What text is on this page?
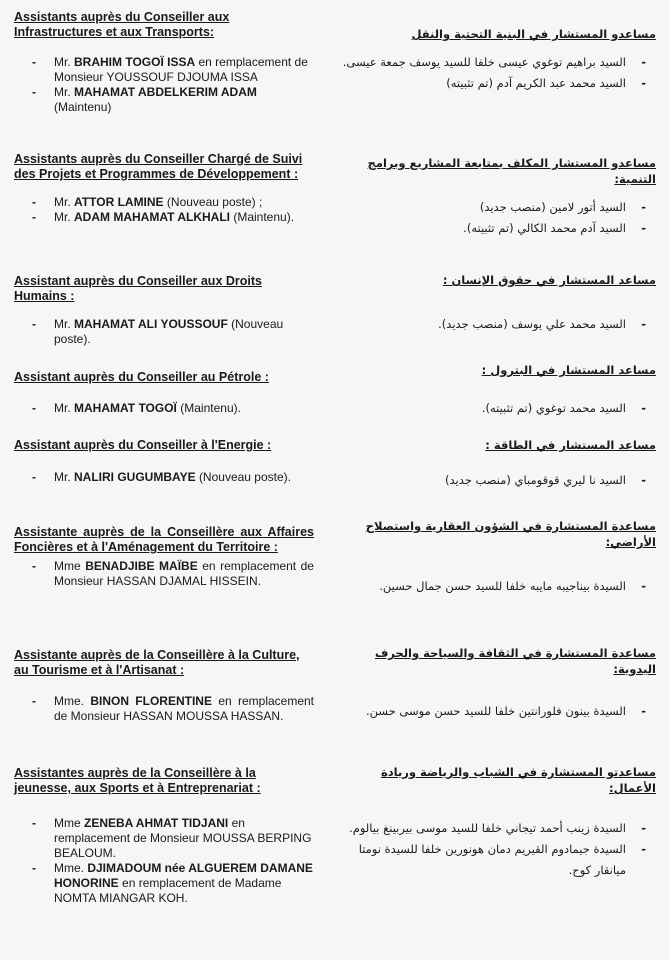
Assistants auprès du Conseiller aux Infrastructures et aux Transports:

- Mr. BRAHIM TOGOÏ ISSA en remplacement de Monsieur YOUSSOUF DJOUMA ISSA
- Mr. MAHAMAT ABDELKERIM ADAM (Maintenu)

مساعدو المستشار في البنية التحتية والنقل

- السيد براهيم توغوي عيسى خلفا للسيد يوسف جمعة عيسى.
- السيد محمد عبد الكريم آدم (تم تثبيته)

Assistants auprès du Conseiller Chargé de Suivi des Projets et Programmes de Développement :

- Mr. ATTOR LAMINE (Nouveau poste) ;
- Mr. ADAM MAHAMAT ALKHALI (Maintenu).

مساعدو المستشار المكلف بمتابعة المشاريع وبرامج التنمية:

- السيد أتور لامين (منصب جديد)
- السيد آدم محمد الكالي (تم تثبيته).

Assistant auprès du Conseiller aux Droits Humains :

- Mr. MAHAMAT ALI YOUSSOUF (Nouveau poste).

مساعد المستشار في حقوق الإنسان :

- السيد محمد علي يوسف (منصب جديد).

Assistant auprès du Conseiller au Pétrole :

- Mr. MAHAMAT TOGOÏ (Maintenu).

مساعد المستشار في البترول :

- السيد محمد توغوي (تم تثبيته).

Assistant auprès du Conseiller à l'Energie :

- Mr. NALIRI GUGUMBAYE (Nouveau poste).

مساعد المستشار في الطاقة :

- السيد نا ليري قوقومباي (منصب جديد)

Assistante auprès de la Conseillère aux Affaires Foncières et à l'Aménagement du Territoire :

- Mme BENADJIBE MAÏBE en remplacement de Monsieur HASSAN DJAMAL HISSEIN.

مساعدة المستشارة في الشؤون العقارية واستصلاح الأراضي:

- السيدة بيناجيبه مايبه خلفا للسيد حسن جمال حسين.

Assistante auprès de la Conseillère à la Culture, au Tourisme et à l'Artisanat :

- Mme. BINON FLORENTINE en remplacement de Monsieur HASSAN MOUSSA HASSAN.

مساعدة المستشارة في الثقافة والسياحة والحرف اليدوية:

- السيدة بينون فلورانتين خلفا للسيد حسن موسى حسن.

Assistantes auprès de la Conseillère à la jeunesse, aux Sports et à Entreprenariat :

- Mme ZENEBA AHMAT TIDJANI en remplacement de Monsieur MOUSSA BERPING BEALOUM.
- Mme. DJIMADOUM née ALGUEREM DAMANE HONORINE en remplacement de Madame NOMTA MIANGAR KOH.

مساعدتو المستشارة في الشباب والرياضة وريادة الأعمال:

- السيدة زينب أحمد تيجاني خلفا للسيد موسى بيربينغ بيالوم.
- السيدة جيمادوم القيريم دمان هونورين خلفا للسيدة نومتا ميانقار كوح.
